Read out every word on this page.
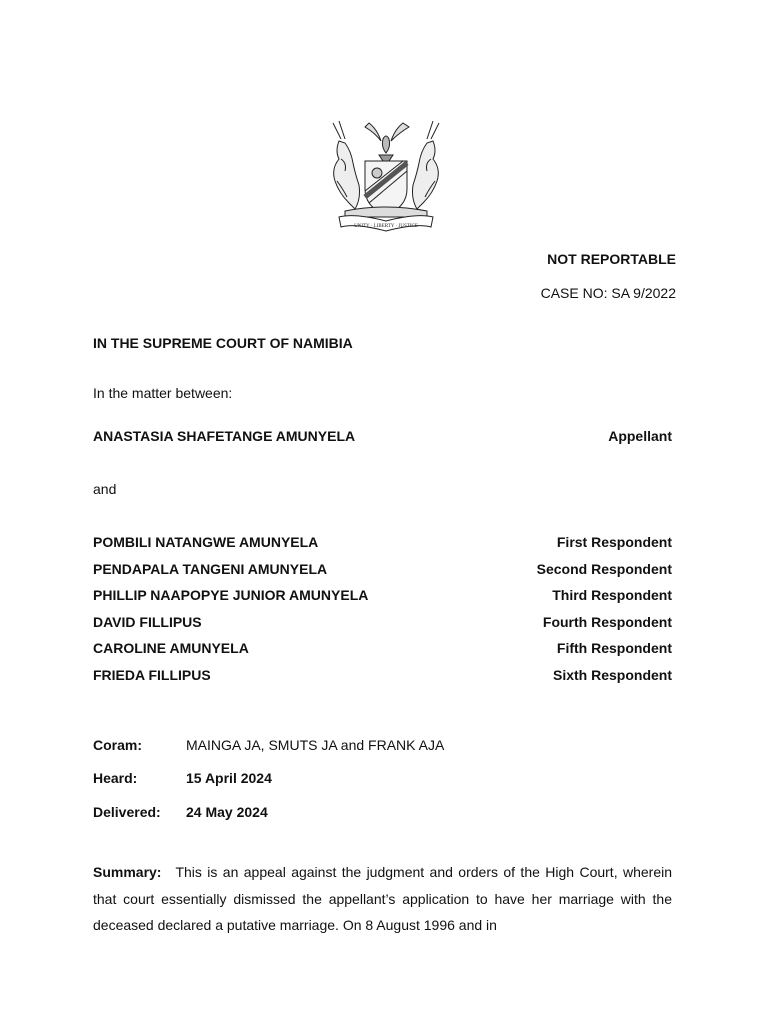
UNITY · LIBERTY · JUSTICE
NOT REPORTABLE
CASE NO: SA 9/2022
IN THE SUPREME COURT OF NAMIBIA
In the matter between:
ANASTASIA SHAFETANGE AMUNYELA	Appellant
and
POMBILI NATANGWE AMUNYELA	First Respondent
PENDAPALA TANGENI AMUNYELA	Second Respondent
PHILLIP NAAPOPYE JUNIOR AMUNYELA	Third Respondent
DAVID FILLIPUS	Fourth Respondent
CAROLINE AMUNYELA	Fifth Respondent
FRIEDA FILLIPUS	Sixth Respondent
Coram:	MAINGA JA, SMUTS JA and FRANK AJA
Heard:	15 April 2024
Delivered: 24 May 2024
Summary: This is an appeal against the judgment and orders of the High Court, wherein that court essentially dismissed the appellant’s application to have her marriage with the deceased declared a putative marriage. On 8 August 1996 and in
